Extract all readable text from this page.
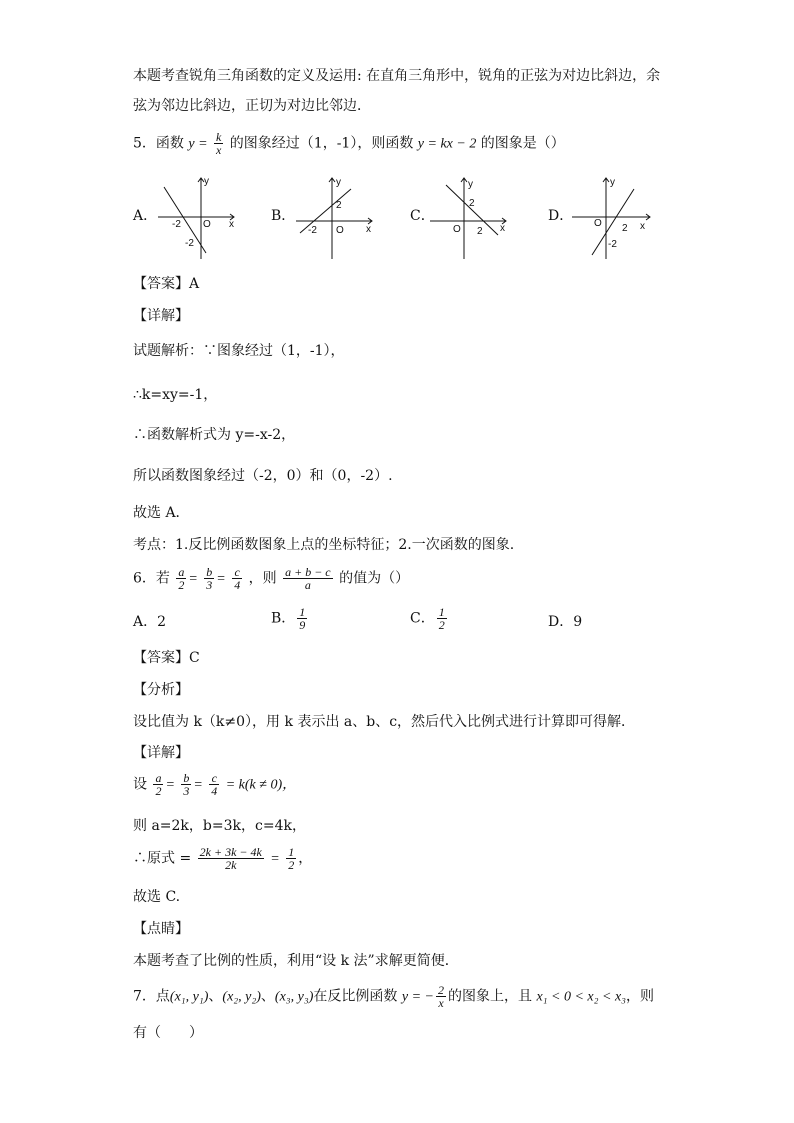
本题考查锐角三角函数的定义及运用: 在直角三角形中，锐角的正弦为对边比斜边，余
弦为邻边比斜边，正切为对边比邻边．
5．函数 $y = \frac{k}{x}$ 的图象经过（1，-1），则函数 y = kx − 2 的图象是（）
A．
-2 O
-2
y
x
B．
2
-2 O
y
x
C．
2
O 2
y
x
D． O 2
-2
y
x
【答案】A
【详解】
试题解析：∵图象经过（1，-1），
∴k=xy=-1，
∴函数解析式为 y=-x-2，
所以函数图象经过（-2，0）和（0，-2）.
故选 A．
考点：1.反比例函数图象上点的坐标特征；2.一次函数的图象.
6．若 $\frac{a}{2} = \frac{b}{3} = \frac{c}{4}$ ，则 $\frac{a + b - c}{a}$ 的值为（）
A．2	B． $\frac{1}{9}$	C． $\frac{1}{2}$	D．9
【答案】C
【分析】
设比值为 k（k≠0），用 k 表示出 a、b、c，然后代入比例式进行计算即可得解．
【详解】
设 $\frac{a}{2} = \frac{b}{3} = \frac{c}{4} = k(k \ne 0)$，
则 a=2k，b=3k，c=4k，
∴原式 = $\frac{2k + 3k - 4k}{2k} = \frac{1}{2}$ ，
故选 C.
【点睛】
本题考查了比例的性质，利用“设 k 法”求解更简便．
7．点(x₁, y₁)、(x₂, y₂)、(x₃, y₃)在反比例函数 y = − $\frac{2}{x}$ 的图象上，且 x₁ < 0 < x₂ < x₃，则
有（　　）
